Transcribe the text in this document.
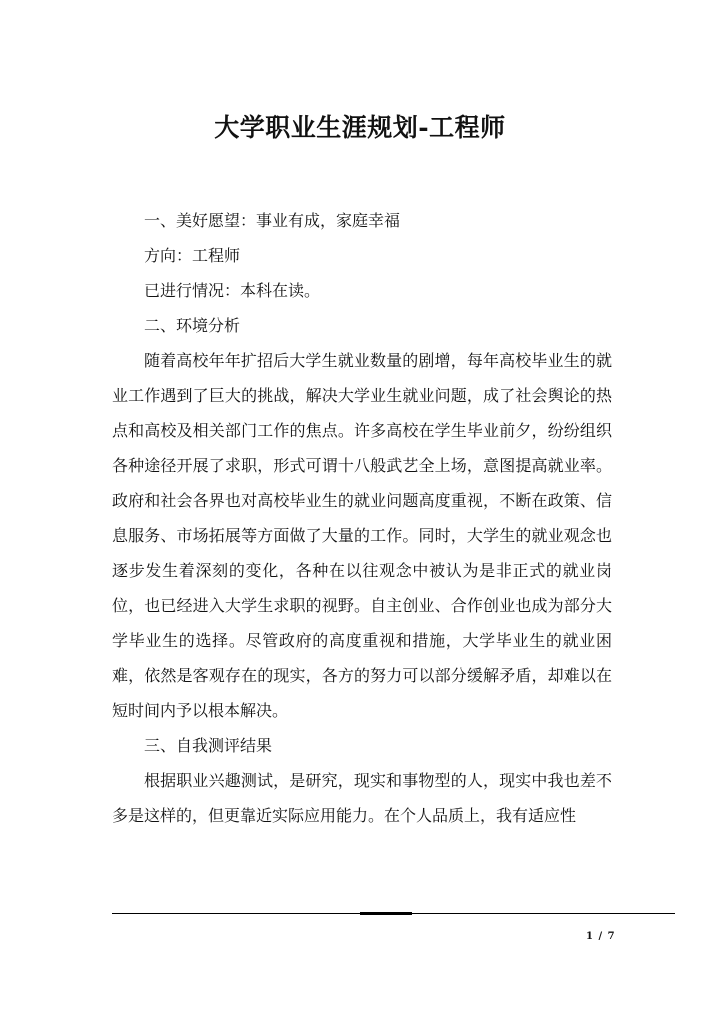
大学职业生涯规划-工程师

一、美好愿望：事业有成，家庭幸福

方向：工程师

已进行情况：本科在读。

二、环境分析

随着高校年年扩招后大学生就业数量的剧增，每年高校毕业生的就业工作遇到了巨大的挑战，解决大学业生就业问题，成了社会舆论的热点和高校及相关部门工作的焦点。许多高校在学生毕业前夕，纷纷组织各种途径开展了求职，形式可谓十八般武艺全上场，意图提高就业率。政府和社会各界也对高校毕业生的就业问题高度重视，不断在政策、信息服务、市场拓展等方面做了大量的工作。同时，大学生的就业观念也逐步发生着深刻的变化，各种在以往观念中被认为是非正式的就业岗位，也已经进入大学生求职的视野。自主创业、合作创业也成为部分大学毕业生的选择。尽管政府的高度重视和措施，大学毕业生的就业困难，依然是客观存在的现实，各方的努力可以部分缓解矛盾，却难以在短时间内予以根本解决。

三、自我测评结果

根据职业兴趣测试，是研究，现实和事物型的人，现实中我也差不多是这样的，但更靠近实际应用能力。在个人品质上，我有适应性

1 / 7
